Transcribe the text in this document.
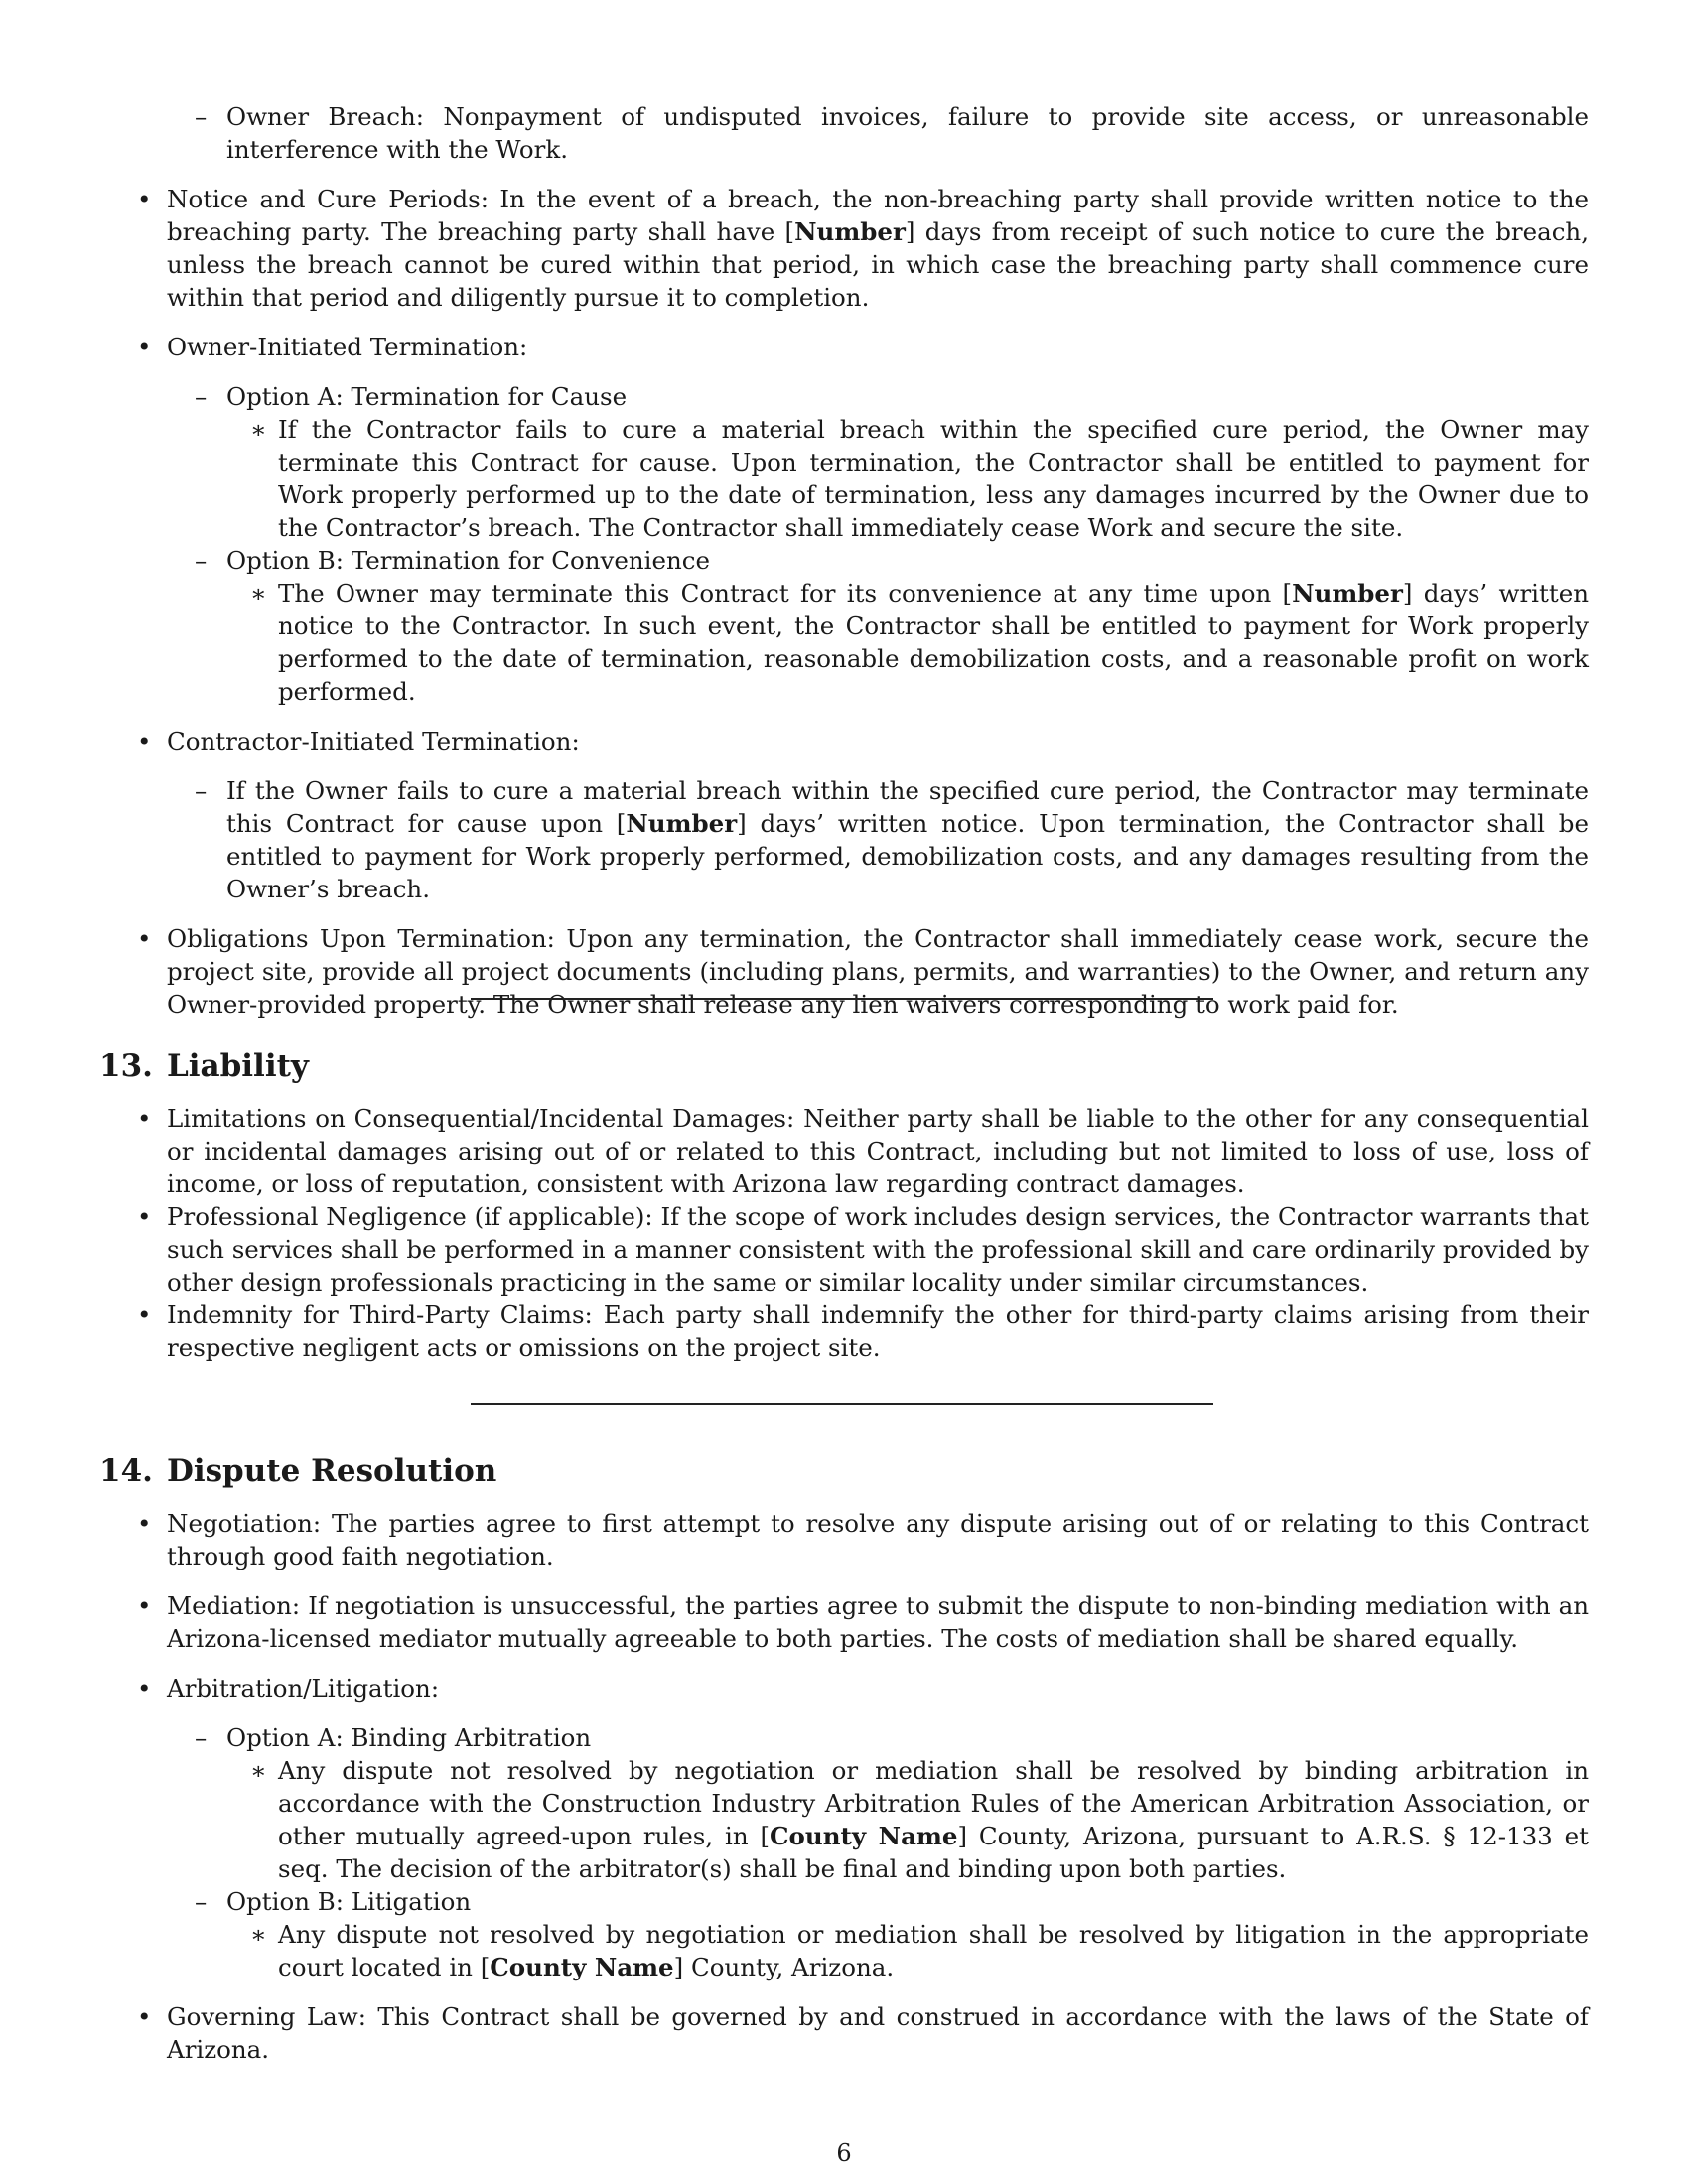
– Owner Breach: Nonpayment of undisputed invoices, failure to provide site access, or unreasonable interference with the Work.
• Notice and Cure Periods: In the event of a breach, the non-breaching party shall provide written notice to the breaching party. The breaching party shall have [Number] days from receipt of such notice to cure the breach, unless the breach cannot be cured within that period, in which case the breaching party shall commence cure within that period and diligently pursue it to completion.
• Owner-Initiated Termination:
– Option A: Termination for Cause
∗ If the Contractor fails to cure a material breach within the specified cure period, the Owner may terminate this Contract for cause. Upon termination, the Contractor shall be entitled to payment for Work properly performed up to the date of termination, less any damages incurred by the Owner due to the Contractor’s breach. The Contractor shall immediately cease Work and secure the site.
– Option B: Termination for Convenience
∗ The Owner may terminate this Contract for its convenience at any time upon [Number] days’ written notice to the Contractor. In such event, the Contractor shall be entitled to payment for Work properly performed to the date of termination, reasonable demobilization costs, and a reasonable profit on work performed.
• Contractor-Initiated Termination:
– If the Owner fails to cure a material breach within the specified cure period, the Contractor may terminate this Contract for cause upon [Number] days’ written notice. Upon termination, the Contractor shall be entitled to payment for Work properly performed, demobilization costs, and any damages resulting from the Owner’s breach.
• Obligations Upon Termination: Upon any termination, the Contractor shall immediately cease work, secure the project site, provide all project documents (including plans, permits, and warranties) to the Owner, and return any Owner-provided property. The Owner shall release any lien waivers corresponding to work paid for.
13. Liability
• Limitations on Consequential/Incidental Damages: Neither party shall be liable to the other for any consequential or incidental damages arising out of or related to this Contract, including but not limited to loss of use, loss of income, or loss of reputation, consistent with Arizona law regarding contract damages.
• Professional Negligence (if applicable): If the scope of work includes design services, the Contractor warrants that such services shall be performed in a manner consistent with the professional skill and care ordinarily provided by other design professionals practicing in the same or similar locality under similar circumstances.
• Indemnity for Third-Party Claims: Each party shall indemnify the other for third-party claims arising from their respective negligent acts or omissions on the project site.
14. Dispute Resolution
• Negotiation: The parties agree to first attempt to resolve any dispute arising out of or relating to this Contract through good faith negotiation.
• Mediation: If negotiation is unsuccessful, the parties agree to submit the dispute to non-binding mediation with an Arizona-licensed mediator mutually agreeable to both parties. The costs of mediation shall be shared equally.
• Arbitration/Litigation:
– Option A: Binding Arbitration
∗ Any dispute not resolved by negotiation or mediation shall be resolved by binding arbitration in accordance with the Construction Industry Arbitration Rules of the American Arbitration Association, or other mutually agreed-upon rules, in [County Name] County, Arizona, pursuant to A.R.S. § 12-133 et seq. The decision of the arbitrator(s) shall be final and binding upon both parties.
– Option B: Litigation
∗ Any dispute not resolved by negotiation or mediation shall be resolved by litigation in the appropriate court located in [County Name] County, Arizona.
• Governing Law: This Contract shall be governed by and construed in accordance with the laws of the State of Arizona.
6
